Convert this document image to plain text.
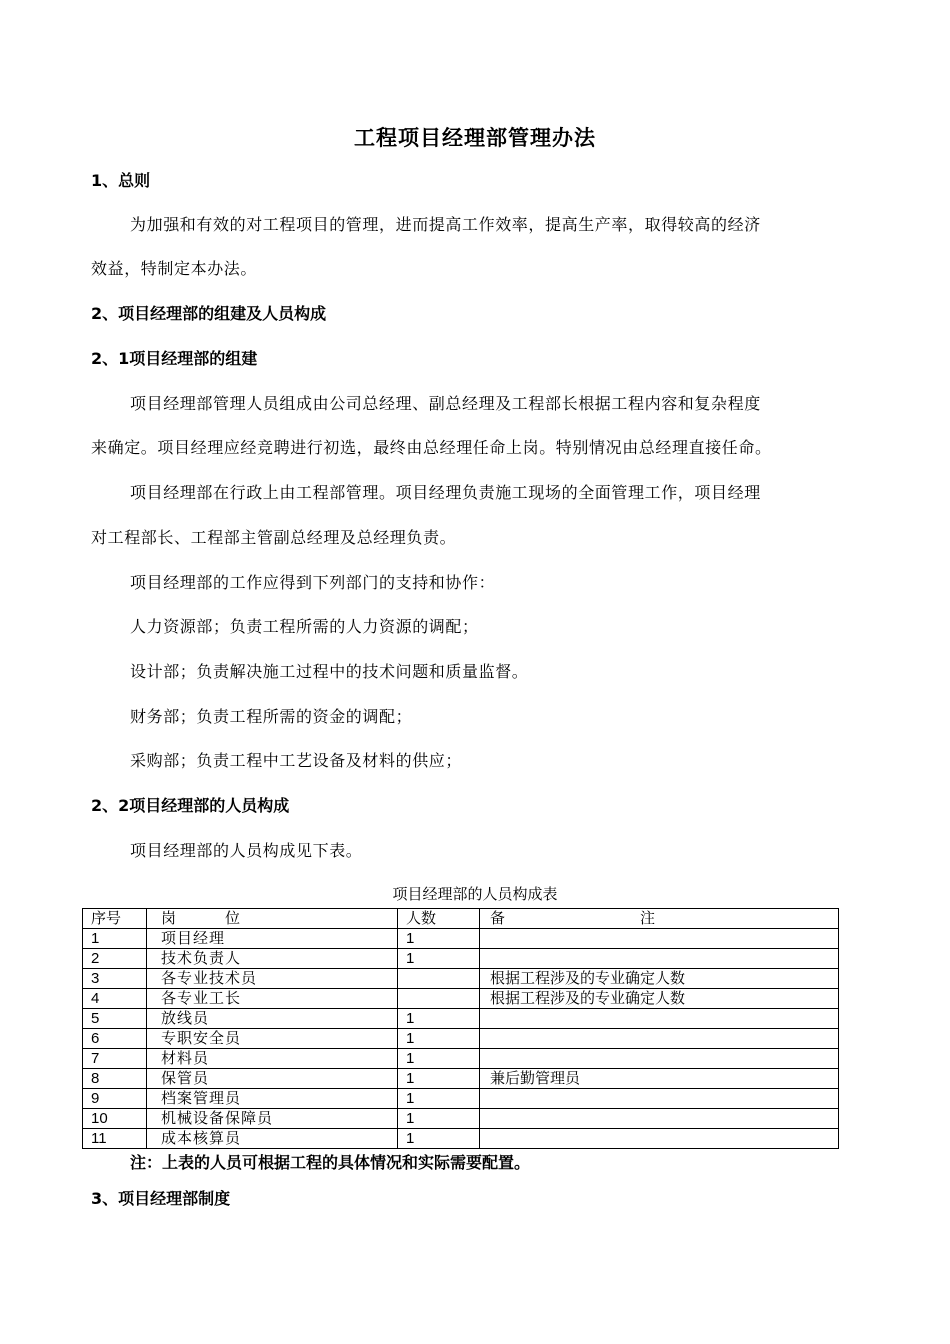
工程项目经理部管理办法
1、总则
为加强和有效的对工程项目的管理，进而提高工作效率，提高生产率，取得较高的经济
效益，特制定本办法。
2、项目经理部的组建及人员构成
2、1项目经理部的组建
项目经理部管理人员组成由公司总经理、副总经理及工程部长根据工程内容和复杂程度
来确定。项目经理应经竞聘进行初选，最终由总经理任命上岗。特别情况由总经理直接任命。
项目经理部在行政上由工程部管理。项目经理负责施工现场的全面管理工作，项目经理
对工程部长、工程部主管副总经理及总经理负责。
项目经理部的工作应得到下列部门的支持和协作：
人力资源部；负责工程所需的人力资源的调配；
设计部；负责解决施工过程中的技术问题和质量监督。
财务部；负责工程所需的资金的调配；
采购部；负责工程中工艺设备及材料的供应；
2、2项目经理部的人员构成
项目经理部的人员构成见下表。
项目经理部的人员构成表
序号	岗　　　位	人数	备　　　　　　　　　注
1	项目经理	1	
2	技术负责人	1	
3	各专业技术员		根据工程涉及的专业确定人数
4	各专业工长		根据工程涉及的专业确定人数
5	放线员	1	
6	专职安全员	1	
7	材料员	1	
8	保管员	1	兼后勤管理员
9	档案管理员	1	
10	机械设备保障员	1	
11	成本核算员	1	
注：上表的人员可根据工程的具体情况和实际需要配置。
3、项目经理部制度
